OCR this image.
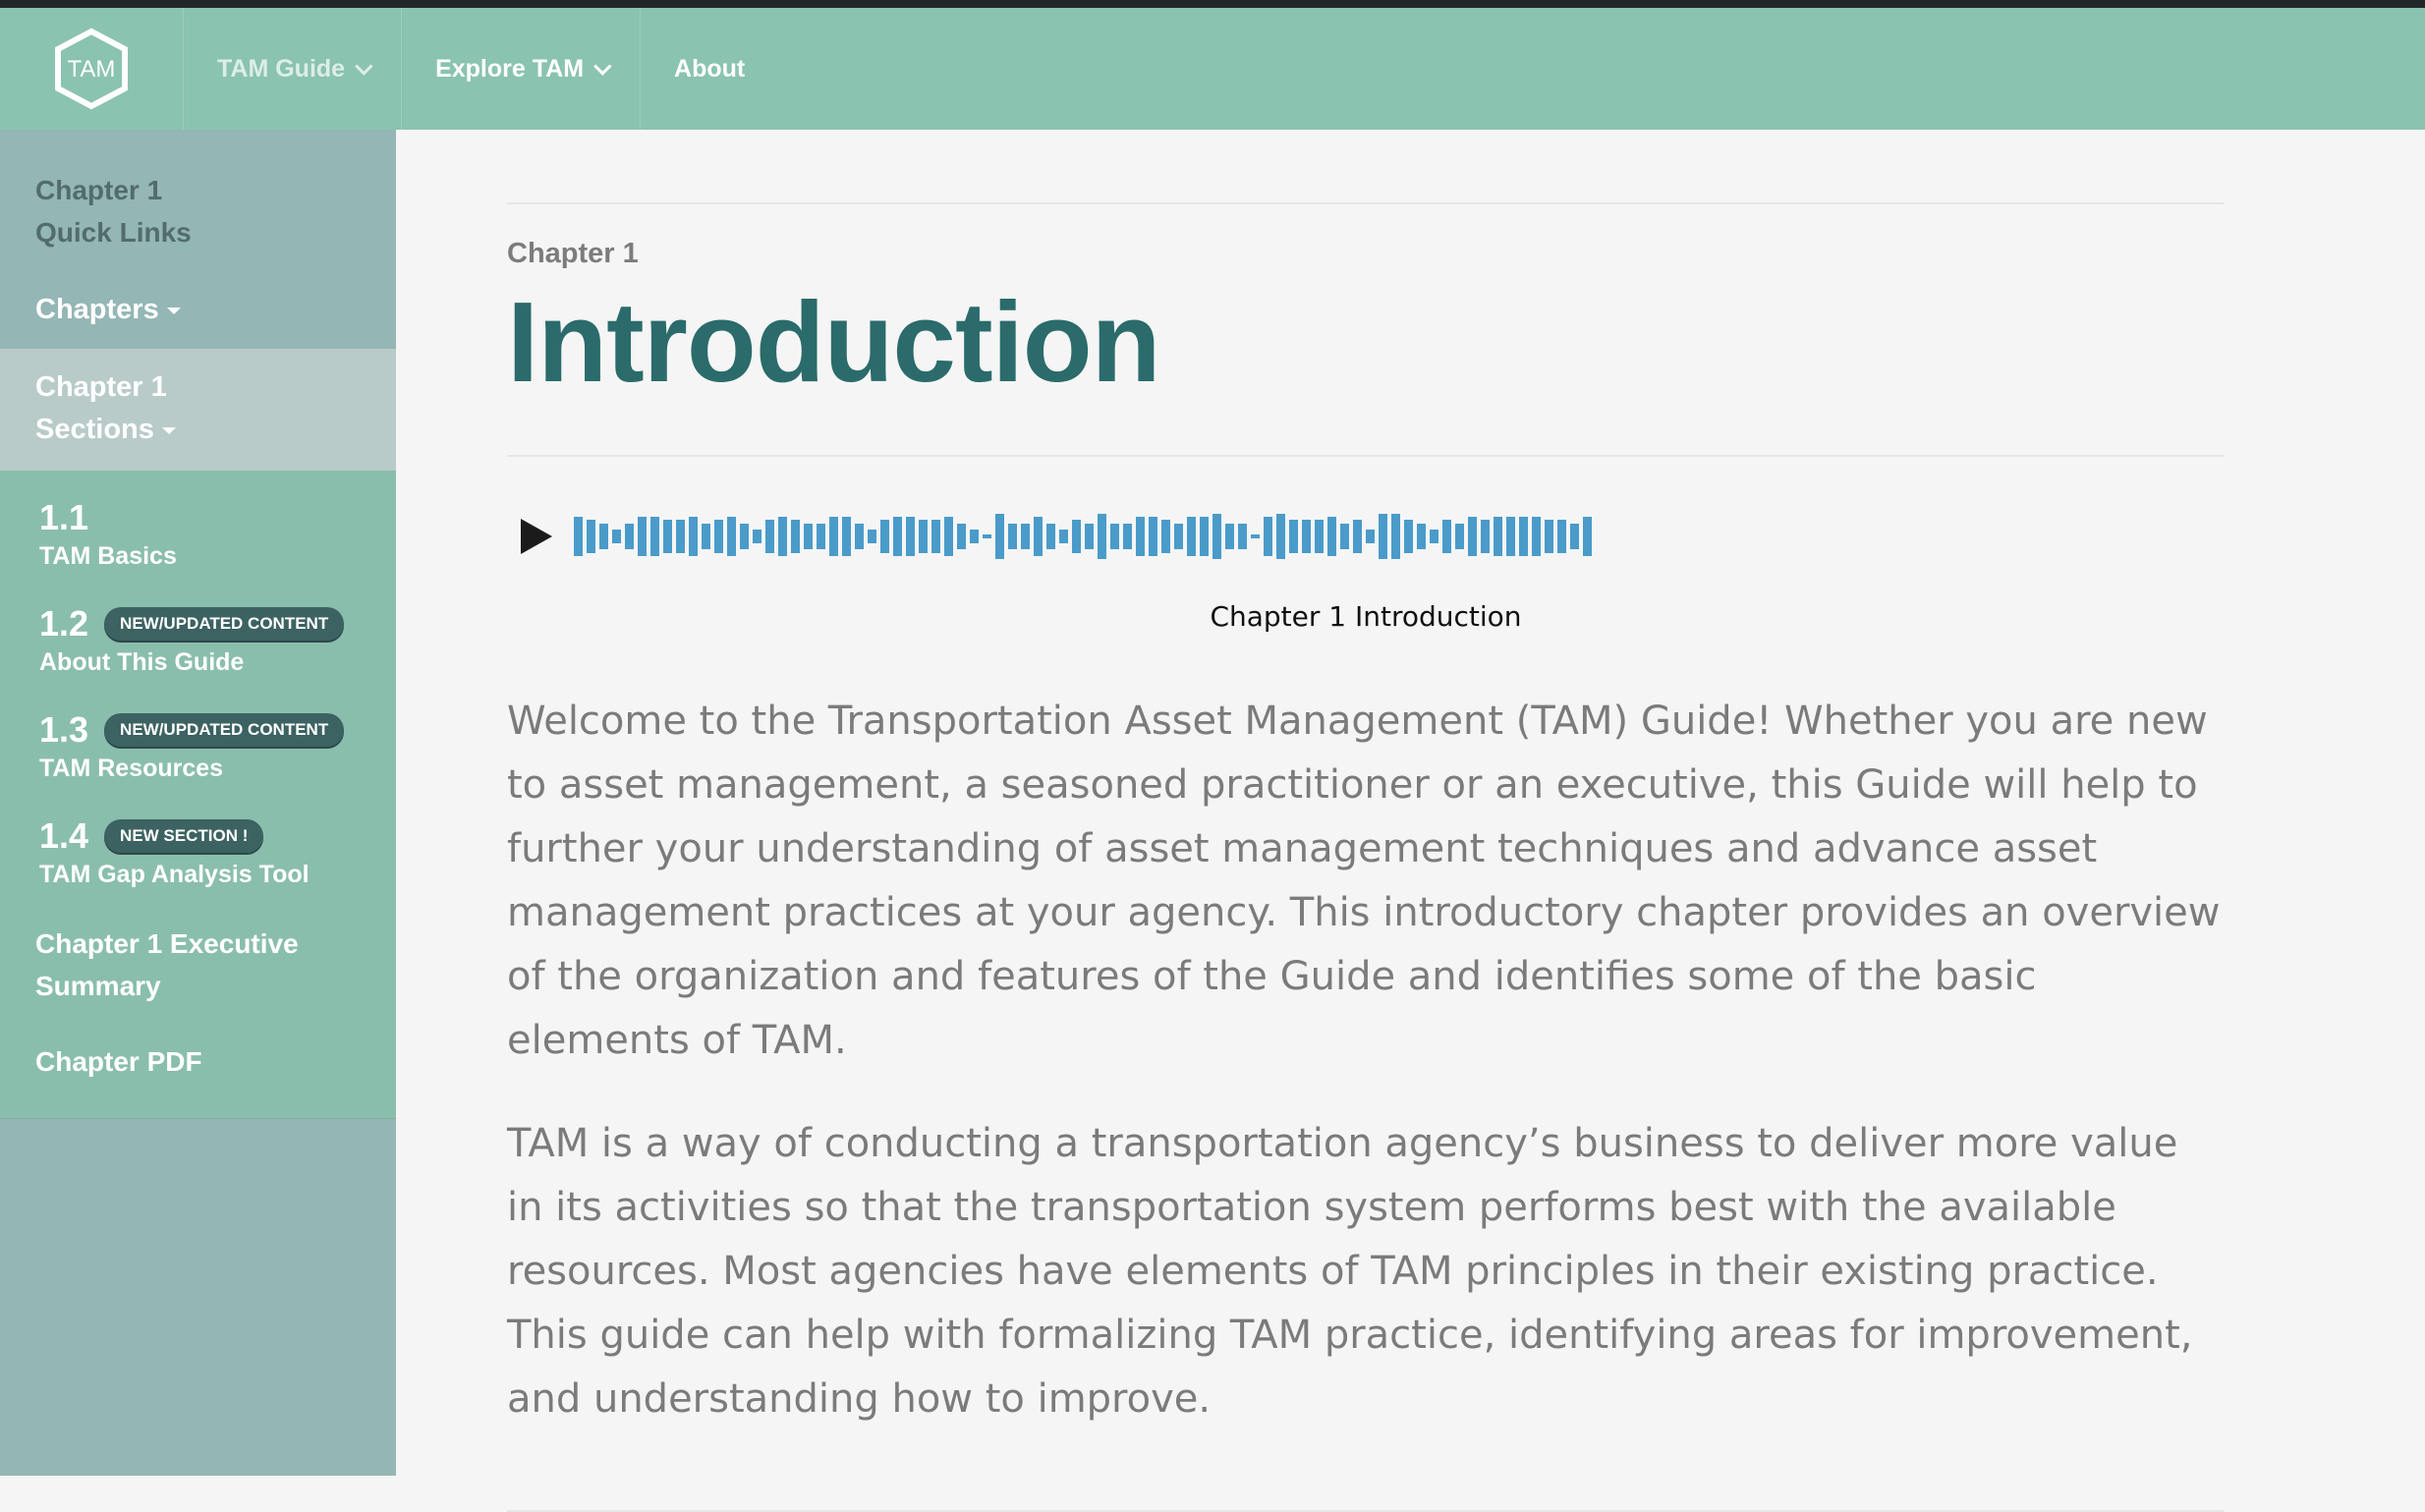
TAM	TAM Guide	Explore TAM	About
Chapter 1
Quick Links
Chapters
Chapter 1
Sections
1.1
TAM Basics
1.2	NEW/UPDATED CONTENT
About This Guide
1.3	NEW/UPDATED CONTENT
TAM Resources
1.4	NEW SECTION !
TAM Gap Analysis Tool
Chapter 1 Executive
Summary
Chapter PDF
Chapter 1
Introduction
Chapter 1 Introduction

Welcome to the Transportation Asset Management (TAM) Guide! Whether you are new to asset management, a seasoned practitioner or an executive, this Guide will help to further your understanding of asset management techniques and advance asset management practices at your agency. This introductory chapter provides an overview of the organization and features of the Guide and identifies some of the basic elements of TAM.

TAM is a way of conducting a transportation agency’s business to deliver more value in its activities so that the transportation system performs best with the available resources. Most agencies have elements of TAM principles in their existing practice. This guide can help with formalizing TAM practice, identifying areas for improvement, and understanding how to improve.
